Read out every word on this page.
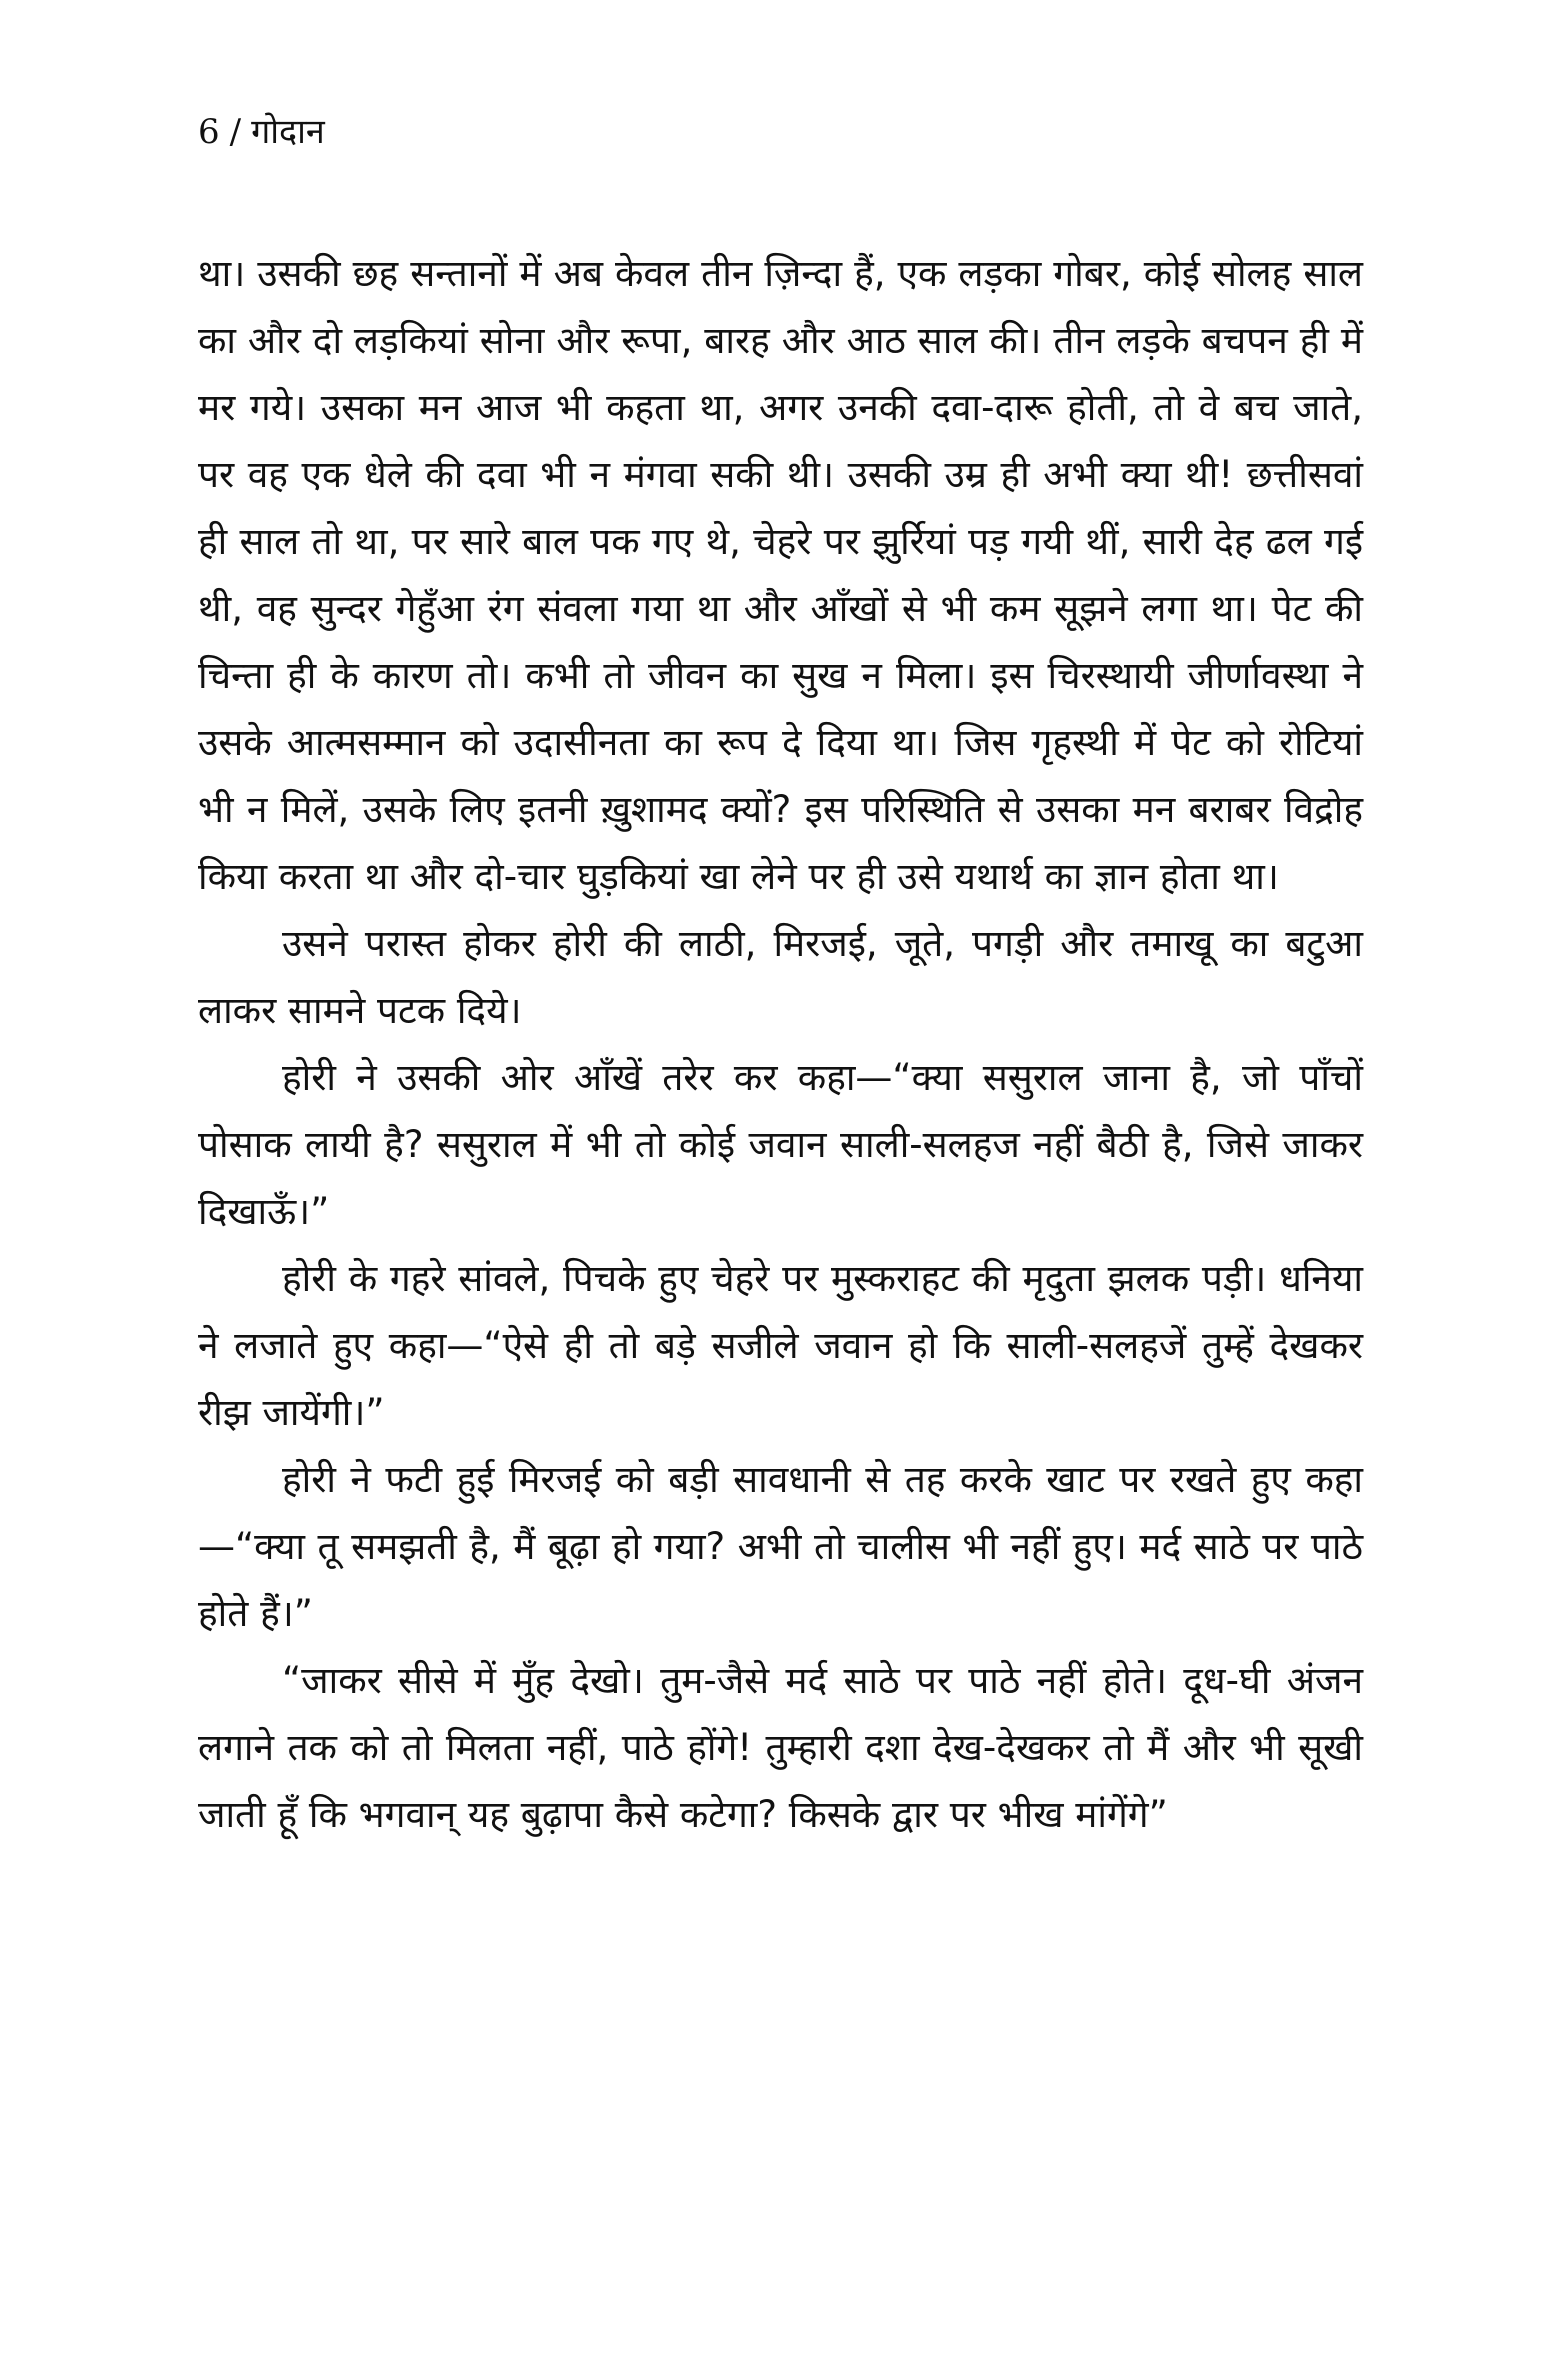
6 / गोदान

था। उसकी छह सन्तानों में अब केवल तीन ज़िन्दा हैं, एक लड़का गोबर, कोई सोलह साल का और दो लड़कियां सोना और रूपा, बारह और आठ साल की। तीन लड़के बचपन ही में मर गये। उसका मन आज भी कहता था, अगर उनकी दवा-दारू होती, तो वे बच जाते, पर वह एक धेले की दवा भी न मंगवा सकी थी। उसकी उम्र ही अभी क्या थी! छत्तीसवां ही साल तो था, पर सारे बाल पक गए थे, चेहरे पर झुर्रियां पड़ गयी थीं, सारी देह ढल गई थी, वह सुन्दर गेहुँआ रंग संवला गया था और आँखों से भी कम सूझने लगा था। पेट की चिन्ता ही के कारण तो। कभी तो जीवन का सुख न मिला। इस चिरस्थायी जीर्णावस्था ने उसके आत्मसम्मान को उदासीनता का रूप दे दिया था। जिस गृहस्थी में पेट को रोटियां भी न मिलें, उसके लिए इतनी ख़ुशामद क्यों? इस परिस्थिति से उसका मन बराबर विद्रोह किया करता था और दो-चार घुड़कियां खा लेने पर ही उसे यथार्थ का ज्ञान होता था।

उसने परास्त होकर होरी की लाठी, मिरजई, जूते, पगड़ी और तमाखू का बटुआ लाकर सामने पटक दिये।

होरी ने उसकी ओर आँखें तरेर कर कहा—“क्या ससुराल जाना है, जो पाँचों पोसाक लायी है? ससुराल में भी तो कोई जवान साली-सलहज नहीं बैठी है, जिसे जाकर दिखाऊँ।”

होरी के गहरे सांवले, पिचके हुए चेहरे पर मुस्कराहट की मृदुता झलक पड़ी। धनिया ने लजाते हुए कहा—“ऐसे ही तो बड़े सजीले जवान हो कि साली-सलहजें तुम्हें देखकर रीझ जायेंगी।”

होरी ने फटी हुई मिरजई को बड़ी सावधानी से तह करके खाट पर रखते हुए कहा—“क्या तू समझती है, मैं बूढ़ा हो गया? अभी तो चालीस भी नहीं हुए। मर्द साठे पर पाठे होते हैं।”

“जाकर सीसे में मुँह देखो। तुम-जैसे मर्द साठे पर पाठे नहीं होते। दूध-घी अंजन लगाने तक को तो मिलता नहीं, पाठे होंगे! तुम्हारी दशा देख-देखकर तो मैं और भी सूखी जाती हूँ कि भगवान् यह बुढ़ापा कैसे कटेगा? किसके द्वार पर भीख मांगेंगे”
